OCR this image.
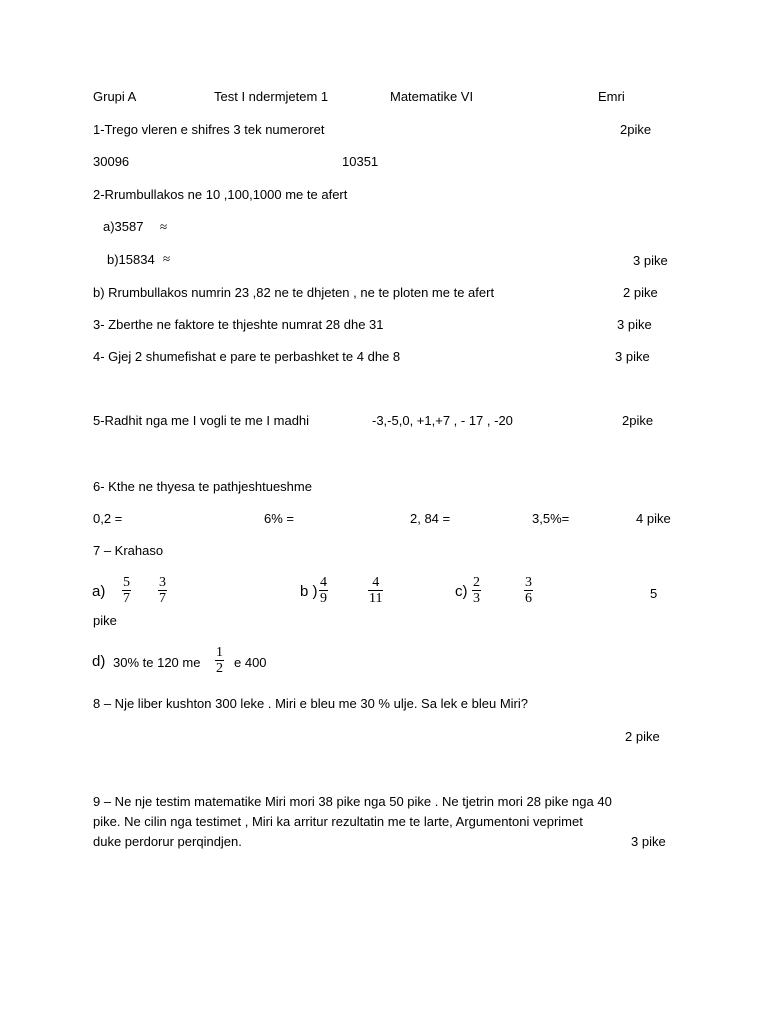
Grupi A	Test I ndermjetem 1	Matematike VI	Emri
1-Trego vleren e shifres 3 tek numeroret	2pike
30096	10351
2-Rrumbullakos ne 10 ,100,1000 me te afert
a)3587 ≈
b)15834 ≈	3 pike
b) Rrumbullakos numrin 23 ,82 ne te dhjeten , ne te ploten me te afert	2 pike
3- Zberthe ne faktore te thjeshte numrat 28 dhe 31	3 pike
4- Gjej 2 shumefishat e pare te perbashket te 4 dhe 8	3 pike
5-Radhit nga me I vogli te me I madhi	-3,-5,0, +1,+7 , - 17 , -20	2pike
6- Kthe ne thyesa te pathjeshtueshme
0,2 =	6% =	2, 84 =	3,5%=	4 pike
7 – Krahaso
a)
5
7
3
7	b )
4
9
4
11	c)
2
3
3
6	5
pike
d) 30% te 120 me
1
2 e 400
8 – Nje liber kushton 300 leke . Miri e bleu me 30 % ulje. Sa lek e bleu Miri?
2 pike
9 – Ne nje testim matematike Miri mori 38 pike nga 50 pike . Ne tjetrin mori 28 pike nga 40
pike. Ne cilin nga testimet , Miri ka arritur rezultatin me te larte, Argumentoni veprimet
duke perdorur perqindjen.	3 pike
